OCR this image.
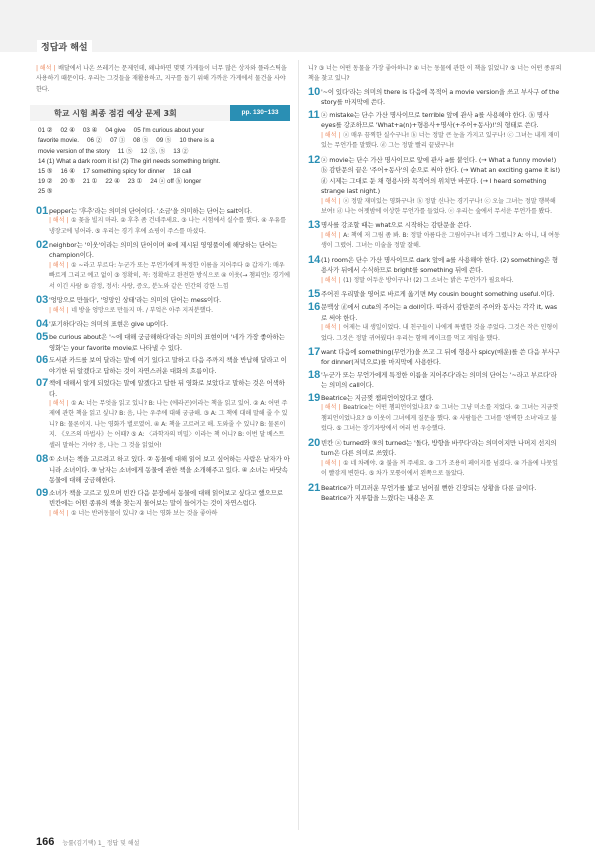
정답과 해설
| 해석 | 배달에서 나온 쓰레기는 문제인데, 왜냐하면 몇몇 가게들이 너무 많은 상자와 플라스틱을 사용하기 때문이다. 우리는 그것들을 재활용하고, 지구를 돕기 위해 가까운 가게에서 물건을 사야 한다.
학교 시험 최종 점검 예상 문제 3회	pp. 130~133
01 ②　 02 ④　 03 ④　 04 give　 05 I'm curious about your
favorite movie.　 06 ②　 07 ③　 08 ⑤　 09 ⑤　 10 there is a
movie version of the story　 11 ⑤　 12 ③, ⑤　 13 ②
14 (1) What a dark room it is! (2) The girl needs something bright.
15 ⑤　 16 ④　 17 something spicy for dinner　 18 call
19 ②　 20 ⑤　 21 ①　 22 ④　 23 ①　 24 ⓐ off ⓑ longer
25 ⑤
01 pepper는 '후추'라는 의미의 단어이다. '소금'을 의미하는 단어는 salt이다.
| 해석 | ① 꽃을 빌지 마라. ② 후추 좀 건네주세요. ③ 나는 시험에서 실수를 했다. ④ 우유를 냉장고에 넣어라. ⑤ 우리는 경기 후에 쇼핑이 주스를 마셨다.
02 neighbor는 '이웃'이라는 의미의 단어이며 ④에 제시된 영영풀이에 해당하는 단어는 champion이다.
| 해석 | ① ~라고 부르다: 누군가 또는 무언가에게 특정한 이름을 지어주다 ② 갑자기: 매우 빠르게 그리고 예고 없이 ③ 정확히, 꼭: 정확하고 완전한 방식으로 ④ 이웃(→ 챔피언): 경기에서 이긴 사람 ⑤ 감정, 정서: 사랑, 증오, 분노와 같은 인간의 강한 느낌
03 '엉망으로 만들다', '엉망인 상태'라는 의미의 단어는 mess이다.
| 해석 | 네 방을 엉망으로 만들지 마. / 부엌은 아주 지저분했다.
04 '포기하다'라는 의미의 표현은 give up이다.
05 be curious about은 '~에 대해 궁금해하다'라는 의미의 표현이며 '네가 가장 좋아하는 영화'는 your favorite movie로 나타낼 수 있다.
06 도서관 카드를 보여 달라는 말에 여기 있다고 말하고 다음 주까지 책을 반납해 달라고 이야기한 뒤 알겠다고 답하는 것이 자연스러운 대화의 흐름이다.
07 책에 대해서 알게 되었다는 말에 알겠다고 답한 뒤 영화로 보았다고 말하는 것은 어색하다.
| 해석 | ① A: 너는 무엇을 읽고 있니? B: 나는 (에라곤)이라는 책을 읽고 있어. ② A: 어떤 주제에 관한 책을 읽고 싶니? B: 음, 나는 우주에 대해 궁금해. ③ A: 그 책에 대해 말해 줄 수 있니? B: 물론이지. 나는 영화가 별로였어. ④ A: 책을 고르려고 해. 도와줄 수 있니? B: 물론이지. 《오즈의 마법사》는 어때? ⑤ A: 〈과학자의 비밀〉이라는 책 어니? B: 이번 달 베스트셀러 말하는 거야? 응, 나는 그 것을 읽었어!
08 ① 소녀는 책을 고르려고 하고 있다. ② 동물에 대해 읽어 보고 싶어하는 사람은 남자가 아니라 소녀이다. ③ 남자는 소녀에게 동물에 관한 책을 소개해주고 있다. ④ 소녀는 바닷속 동물에 대해 궁금해한다.
09 소녀가 책을 고르고 있으며 빈칸 다음 문장에서 동물에 대해 읽어보고 싶다고 했으므로 빈칸에는 어떤 종류의 책을 찾는지 물어보는 말이 들어가는 것이 자연스럽다.
| 해석 | ① 너는 반려동물이 있니? ② 너는 영화 보는 것을 좋아하
니? ③ 너는 어떤 동물을 가장 좋아하니? ④ 너는 동물에 관한 이 책을 읽었니? ⑤ 너는 어떤 종류의 책을 찾고 있니?
10 '~이 있다'라는 의미의 there is 다음에 목적어 a movie version을 쓰고 부사구 of the story를 마지막에 쓴다.
11 ⓐ mistake는 단수 가산 명사이므로 terrible 앞에 관사 a를 사용해야 한다. ⓑ 명사 eyes를 강조하므로 'What+a(n)+형용사+명사(+주어+동사)!'의 형태로 쓴다.
| 해석 | ⓐ 매우 끔찍한 실수구나! ⓑ 너는 정말 큰 눈을 가지고 있구나! ⓒ 그녀는 내게 재미있는 무언가를 말했다. ⓓ 그는 정말 빨리 끝냈구나!
12 ⓐ movie는 단수 가산 명사이므로 앞에 관사 a를 붙인다. (→ What a funny movie!) ⓑ 감탄문의 끝은 '주어+동사'의 순으로 써야 한다. (→ What an exciting game it is!) ⓓ 시제는 그대로 둔 채 형용사와 목적어의 위치만 바꾼다. (→ I heard something strange last night.)
| 해석 | ⓐ 정말 재미있는 영화구나! ⓑ 정말 신나는 경기구나! ⓒ 오늘 그녀는 정말 행복해 보여! ⓓ 나는 어젯밤에 이상한 무언가를 들었다. ⓔ 우리는 숲에서 무서운 무언가를 봤다.
13 명사를 강조할 때는 what으로 시작하는 감탄문을 쓴다.
| 해석 | A: 책에 저 그림 좀 봐. B: 정말 아름다운 그림이구나! 네가 그렸니? A: 아니, 내 여동생이 그렸어. 그녀는 미술을 정말 잘해.
14 (1) room은 단수 가산 명사이므로 dark 앞에 a를 사용해야 한다. (2) something은 형용사가 뒤에서 수식하므로 bright를 something 뒤에 쓴다.
| 해석 | (1) 정말 어두운 방이구나! (2) 그 소녀는 밝은 무언가가 필요하다.
15 주어진 우리말을 영어로 바르게 옮기면 My cousin bought something useful.이다.
16 문맥상 ⓓ에서 cute의 주어는 a doll이다. 따라서 감탄문의 주어와 동사는 각각 it, was로 써야 한다.
| 해석 | 어제는 내 생일이었다. 내 친구들이 나에게 특별한 것을 주었다. 그것은 작은 인형이었다. 그것은 정말 귀여웠다! 우리는 함께 케이크를 먹고 게임을 했다.
17 want 다음에 something(무언가)을 쓰고 그 뒤에 형용사 spicy(매운)를 쓴 다음 부사구 for dinner(저녁으로)를 마지막에 사용한다.
18 '누군가 또는 무언가에게 특정한 이름을 지어주다'라는 의미의 단어는 '~라고 부르다'라는 의미의 call이다.
19 Beatrice는 지금껏 챔피언이었다고 했다.
| 해석 | Beatrice는 어떤 챔피언이었나요? ① 그녀는 그냥 미소를 지었다. ② 그녀는 지금껏 챔피언이었나요? ③ 이웃이 그녀에게 질문을 했다. ④ 사람들은 그녀를 '완벽한 소녀'라고 불렀다. ⑤ 그녀는 장기자랑에서 여러 번 우승했다.
20 빈칸 ⓐ turned와 ⑤의 turned는 '돌다, 방향을 바꾸다'라는 의미이지만 나머지 선지의 turn은 다른 의미로 쓰였다.
| 해석 | ① 네 차례야. ② 불을 꺼 주세요. ③ 그가 조용히 페이지를 넘겼다. ④ 가을에 나뭇잎이 빨갛게 변한다. ⑤ 차가 모퉁이에서 왼쪽으로 돌았다.
21 Beatrice가 미끄러운 무언가를 밟고 넘어질 뻔한 긴장되는 상황을 다룬 글이다. Beatrice가 지루함을 느꼈다는 내용은 흐
166 능률(김기택) 1_ 정답 및 해설
